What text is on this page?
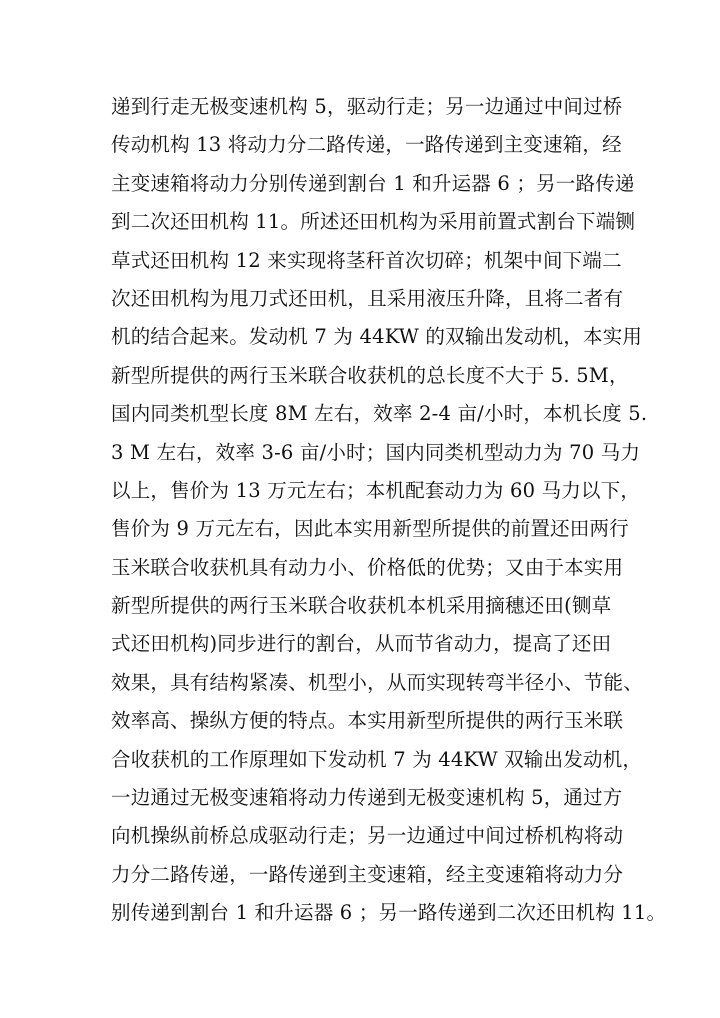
递到行走无极变速机构 5，驱动行走；另一边通过中间过桥
传动机构 13 将动力分二路传递，一路传递到主变速箱，经
主变速箱将动力分别传递到割台 1 和升运器 6 ；另一路传递
到二次还田机构 11。所述还田机构为采用前置式割台下端铡
草式还田机构 12 来实现将茎秆首次切碎；机架中间下端二
次还田机构为甩刀式还田机，且采用液压升降，且将二者有
机的结合起来。发动机 7 为 44KW 的双输出发动机，本实用
新型所提供的两行玉米联合收获机的总长度不大于 5. 5M，
国内同类机型长度 8M 左右，效率 2-4 亩/小时，本机长度 5.
3 M 左右，效率 3-6 亩/小时；国内同类机型动力为 70 马力
以上，售价为 13 万元左右；本机配套动力为 60 马力以下，
售价为 9 万元左右，因此本实用新型所提供的前置还田两行
玉米联合收获机具有动力小、价格低的优势；又由于本实用
新型所提供的两行玉米联合收获机本机采用摘穗还田(铡草
式还田机构)同步进行的割台，从而节省动力，提高了还田
效果，具有结构紧凑、机型小，从而实现转弯半径小、节能、
效率高、操纵方便的特点。本实用新型所提供的两行玉米联
合收获机的工作原理如下发动机 7 为 44KW 双输出发动机，
一边通过无极变速箱将动力传递到无极变速机构 5，通过方
向机操纵前桥总成驱动行走；另一边通过中间过桥机构将动
力分二路传递，一路传递到主变速箱，经主变速箱将动力分
别传递到割台 1 和升运器 6 ；另一路传递到二次还田机构 11。
